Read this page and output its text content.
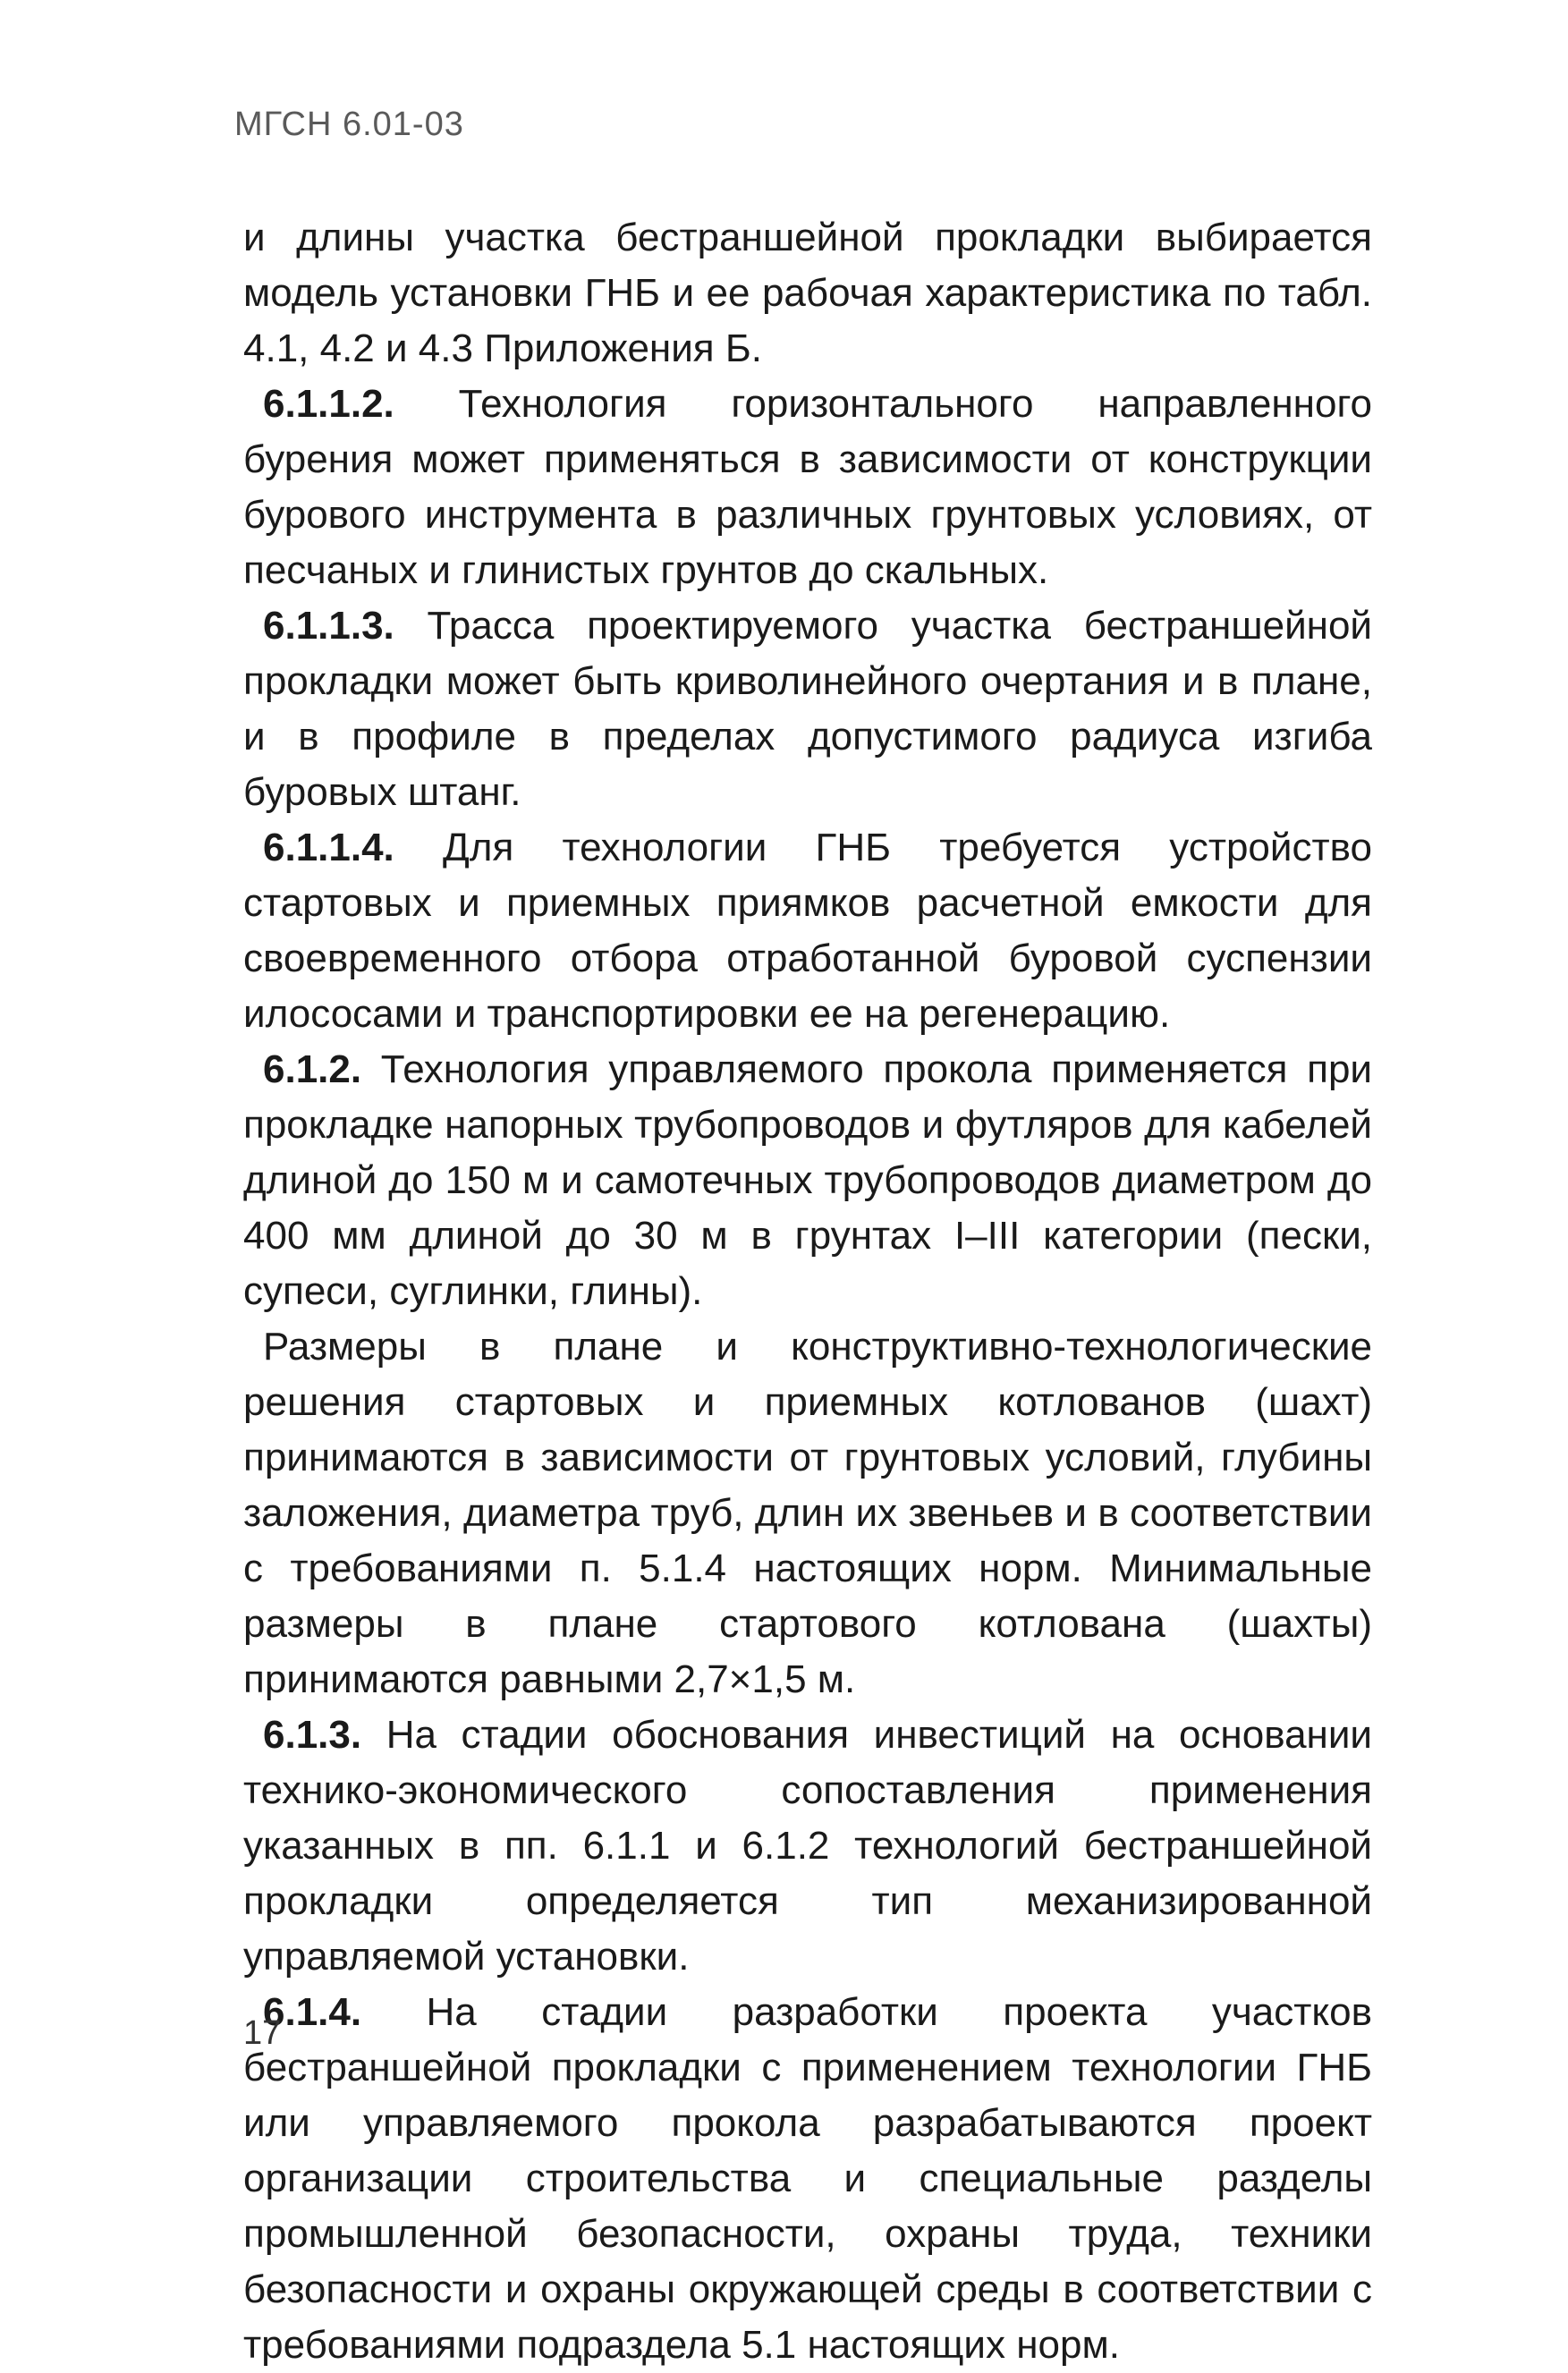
МГСН 6.01-03

и длины участка бестраншейной прокладки выбирается модель установки ГНБ и ее рабочая характеристика по табл. 4.1, 4.2 и 4.3 Приложения Б.

6.1.1.2. Технология горизонтального направленного бурения может применяться в зависимости от конструкции бурового инструмента в различных грунтовых условиях, от песчаных и глинистых грунтов до скальных.

6.1.1.3. Трасса проектируемого участка бестраншейной прокладки может быть криволинейного очертания и в плане, и в профиле в пределах допустимого радиуса изгиба буровых штанг.

6.1.1.4. Для технологии ГНБ требуется устройство стартовых и приемных приямков расчетной емкости для своевременного отбора отработанной буровой суспензии илососами и транспортировки ее на регенерацию.

6.1.2. Технология управляемого прокола применяется при прокладке напорных трубопроводов и футляров для кабелей длиной до 150 м и самотечных трубопроводов диаметром до 400 мм длиной до 30 м в грунтах I–III категории (пески, супеси, суглинки, глины).

Размеры в плане и конструктивно-технологические решения стартовых и приемных котлованов (шахт) принимаются в зависимости от грунтовых условий, глубины заложения, диаметра труб, длин их звеньев и в соответствии с требованиями п. 5.1.4 настоящих норм. Минимальные размеры в плане стартового котлована (шахты) принимаются равными 2,7×1,5 м.

6.1.3. На стадии обоснования инвестиций на основании технико-экономического сопоставления применения указанных в пп. 6.1.1 и 6.1.2 технологий бестраншейной прокладки определяется тип механизированной управляемой установки.

6.1.4. На стадии разработки проекта участков бестраншейной прокладки с применением технологии ГНБ или управляемого прокола разрабатываются проект организации строительства и специальные разделы промышленной безопасности, охраны труда, техники безопасности и охраны окружающей среды в соответствии с требованиями подраздела 5.1 настоящих норм.

17
